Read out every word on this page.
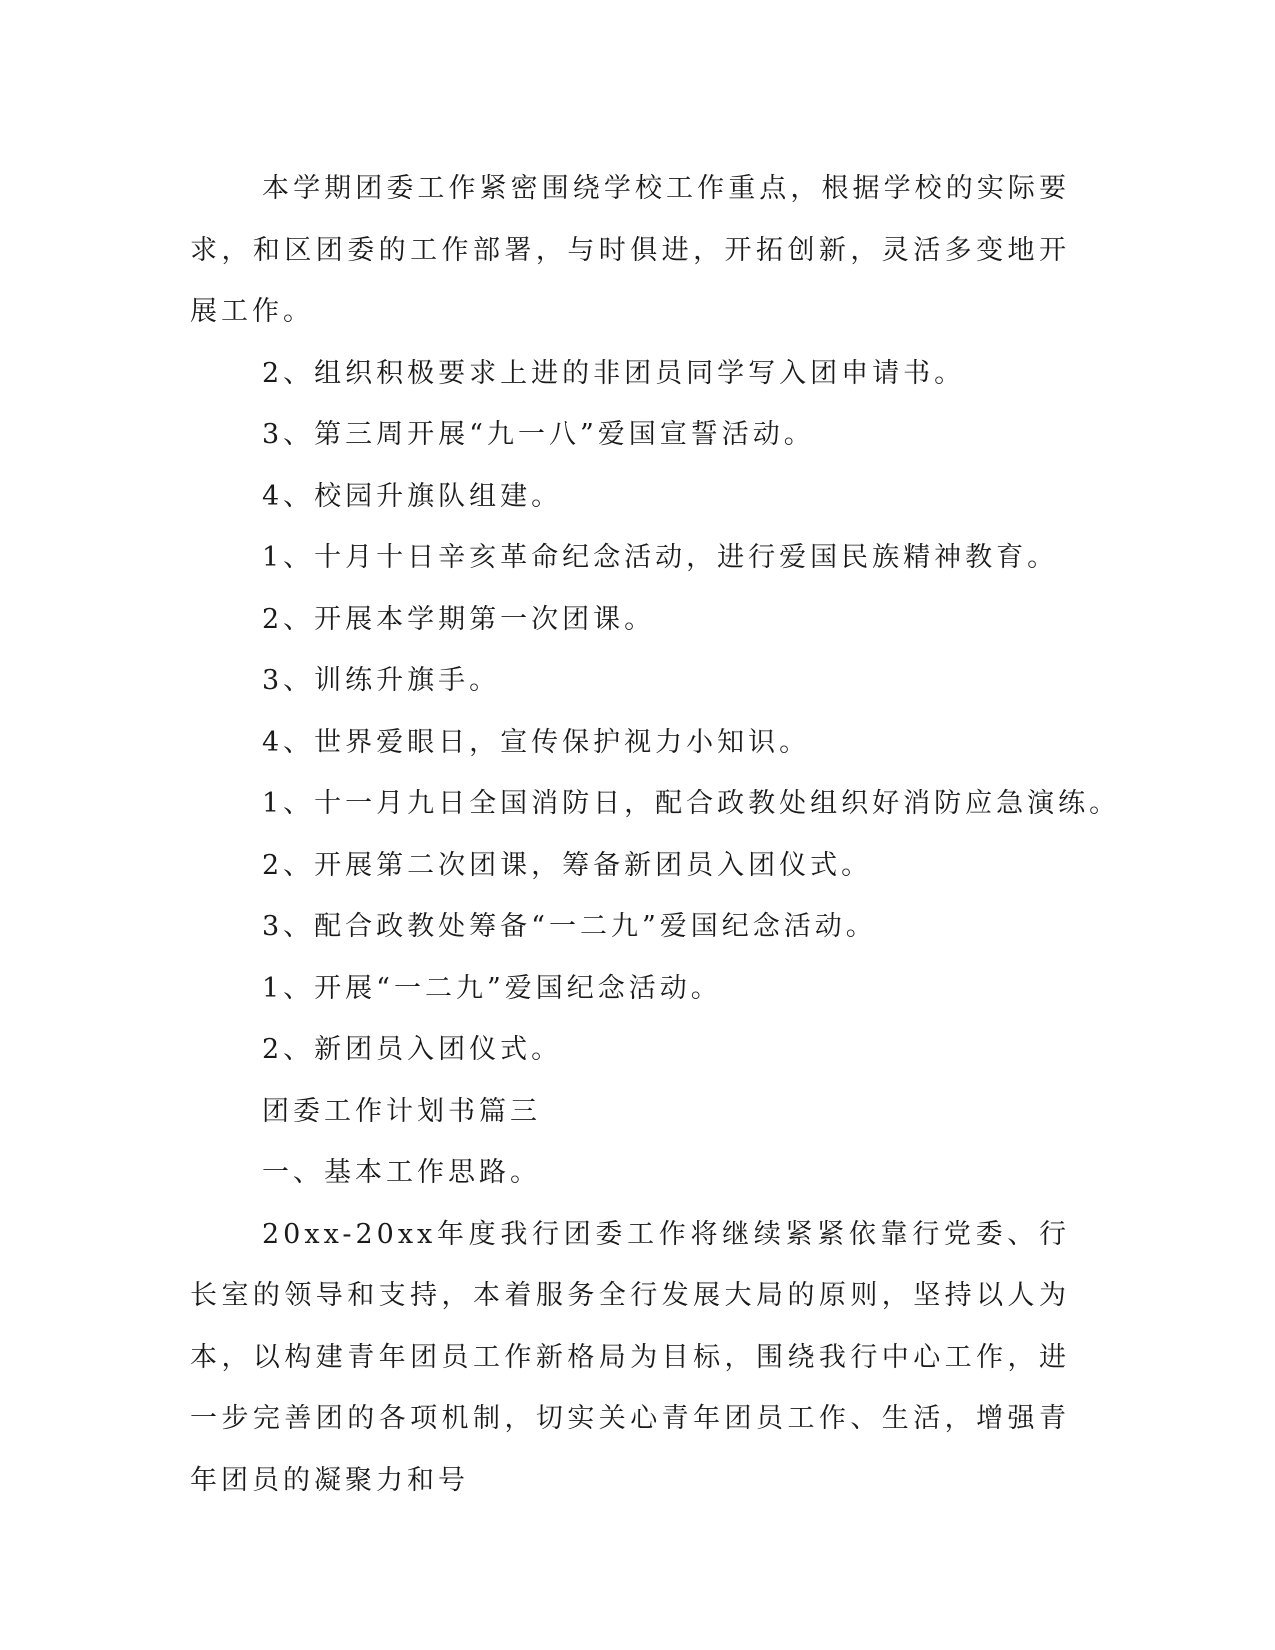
本学期团委工作紧密围绕学校工作重点，根据学校的实际要求，和区团委的工作部署，与时俱进，开拓创新，灵活多变地开展工作。

2、组织积极要求上进的非团员同学写入团申请书。
3、第三周开展“九一八”爱国宣誓活动。
4、校园升旗队组建。
1、十月十日辛亥革命纪念活动，进行爱国民族精神教育。
2、开展本学期第一次团课。
3、训练升旗手。
4、世界爱眼日，宣传保护视力小知识。
1、十一月九日全国消防日，配合政教处组织好消防应急演练。
2、开展第二次团课，筹备新团员入团仪式。
3、配合政教处筹备“一二九”爱国纪念活动。
1、开展“一二九”爱国纪念活动。
2、新团员入团仪式。
团委工作计划书篇三
一、基本工作思路。

20xx-20xx年度我行团委工作将继续紧紧依靠行党委、行长室的领导和支持，本着服务全行发展大局的原则，坚持以人为本，以构建青年团员工作新格局为目标，围绕我行中心工作，进一步完善团的各项机制，切实关心青年团员工作、生活，增强青年团员的凝聚力和号
